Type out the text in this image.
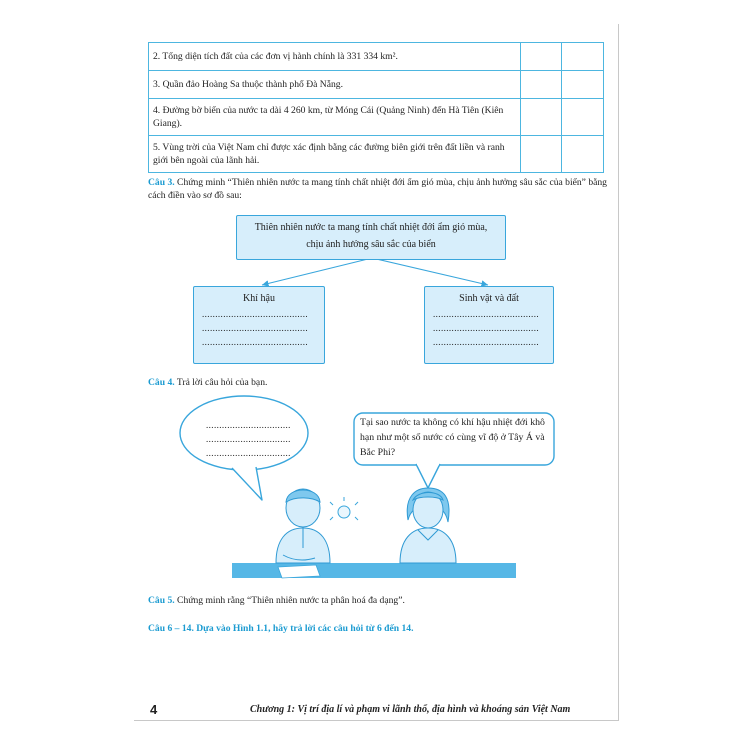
2. Tổng diện tích đất của các đơn vị hành chính là 331 334 km².		
3. Quần đảo Hoàng Sa thuộc thành phố Đà Nẵng.		
4. Đường bờ biển của nước ta dài 4 260 km, từ Móng Cái (Quảng Ninh) đến Hà Tiên (Kiên Giang).		
5. Vùng trời của Việt Nam chỉ được xác định bằng các đường biên giới trên đất liền và ranh giới bên ngoài của lãnh hải.		
Câu 3. Chứng minh “Thiên nhiên nước ta mang tính chất nhiệt đới ẩm gió mùa, chịu ảnh hưởng sâu sắc của biển” bằng cách điền vào sơ đồ sau:
Thiên nhiên nước ta mang tính chất nhiệt đới ẩm gió mùa,
chịu ảnh hưởng sâu sắc của biển
Khí hậu
........................................
........................................
........................................
Sinh vật và đất
........................................
........................................
........................................
Câu 4. Trả lời câu hỏi của bạn.
................................
................................
................................
Tại sao nước ta không có khí hậu nhiệt đới khô hạn như một số nước có cùng vĩ độ ở Tây Á và Bắc Phi?
Câu 5. Chứng minh rằng “Thiên nhiên nước ta phân hoá đa dạng”.
Câu 6 – 14. Dựa vào Hình 1.1, hãy trả lời các câu hỏi từ 6 đến 14.
4	Chương 1: Vị trí địa lí và phạm vi lãnh thổ, địa hình và khoáng sản Việt Nam
